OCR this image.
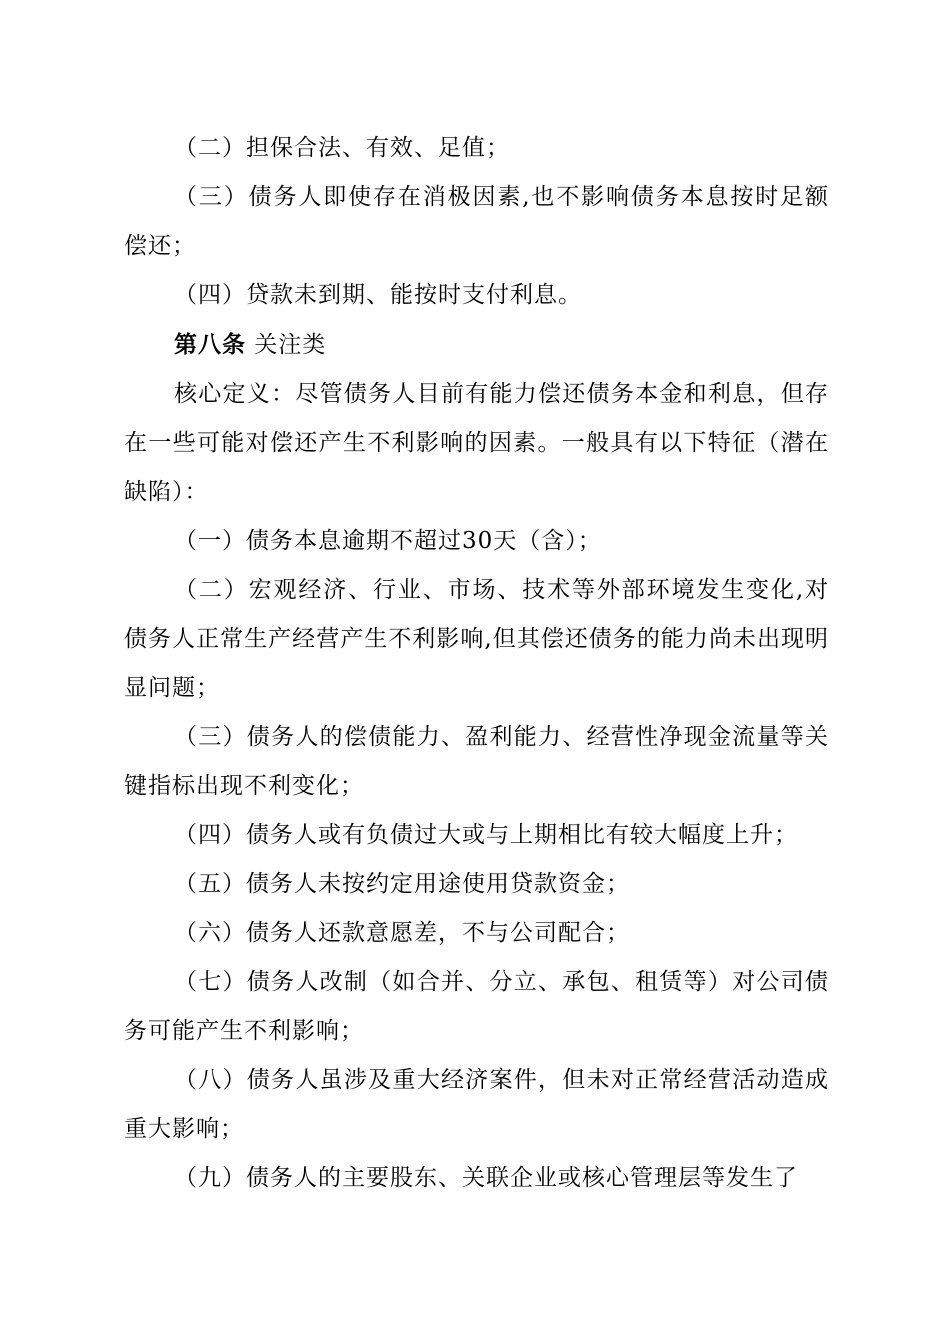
（二）担保合法、有效、足值；

（三）债务人即使存在消极因素,也不影响债务本息按时足额偿还；

（四）贷款未到期、能按时支付利息。

第八条 关注类

核心定义：尽管债务人目前有能力偿还债务本金和利息，但存在一些可能对偿还产生不利影响的因素。一般具有以下特征（潜在缺陷）：

（一）债务本息逾期不超过30天（含）；

（二）宏观经济、行业、市场、技术等外部环境发生变化,对债务人正常生产经营产生不利影响,但其偿还债务的能力尚未出现明显问题；

（三）债务人的偿债能力、盈利能力、经营性净现金流量等关键指标出现不利变化；

（四）债务人或有负债过大或与上期相比有较大幅度上升；

（五）债务人未按约定用途使用贷款资金；

（六）债务人还款意愿差，不与公司配合；

（七）债务人改制（如合并、分立、承包、租赁等）对公司债务可能产生不利影响；

（八）债务人虽涉及重大经济案件，但未对正常经营活动造成重大影响；

（九）债务人的主要股东、关联企业或核心管理层等发生了
